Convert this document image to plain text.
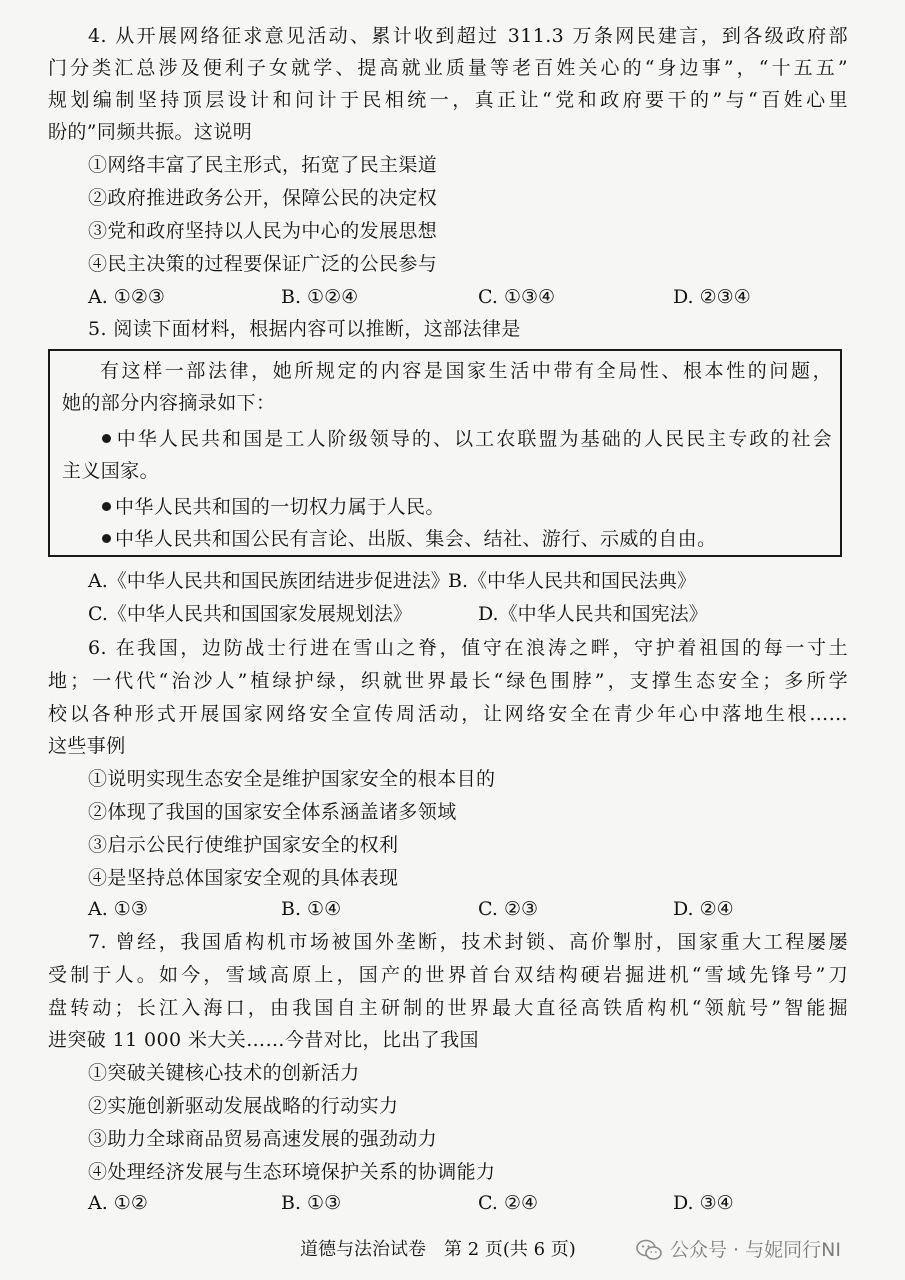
4. 从开展网络征求意见活动、累计收到超过 311.3 万条网民建言，到各级政府部
门分类汇总涉及便利子女就学、提高就业质量等老百姓关心的“身边事”，“十五五”
规划编制坚持顶层设计和问计于民相统一，真正让“党和政府要干的”与“百姓心里
盼的”同频共振。这说明
①网络丰富了民主形式，拓宽了民主渠道
②政府推进政务公开，保障公民的决定权
③党和政府坚持以人民为中心的发展思想
④民主决策的过程要保证广泛的公民参与
A. ①②③	B. ①②④	C. ①③④	D. ②③④
5. 阅读下面材料，根据内容可以推断，这部法律是
有这样一部法律，她所规定的内容是国家生活中带有全局性、根本性的问题，
她的部分内容摘录如下：
中华人民共和国是工人阶级领导的、以工农联盟为基础的人民民主专政的社会
主义国家。
中华人民共和国的一切权力属于人民。
中华人民共和国公民有言论、出版、集会、结社、游行、示威的自由。
A.《中华人民共和国民族团结进步促进法》
B.《中华人民共和国民法典》
C.《中华人民共和国国家发展规划法》	D.《中华人民共和国宪法》
6. 在我国，边防战士行进在雪山之脊，值守在浪涛之畔，守护着祖国的每一寸土
地；一代代“治沙人”植绿护绿，织就世界最长“绿色围脖”，支撑生态安全；多所学
校以各种形式开展国家网络安全宣传周活动，让网络安全在青少年心中落地生根……
这些事例
①说明实现生态安全是维护国家安全的根本目的
②体现了我国的国家安全体系涵盖诸多领域
③启示公民行使维护国家安全的权利
④是坚持总体国家安全观的具体表现
A. ①③	B. ①④	C. ②③	D. ②④
7. 曾经，我国盾构机市场被国外垄断，技术封锁、高价掣肘，国家重大工程屡屡
受制于人。如今，雪域高原上，国产的世界首台双结构硬岩掘进机“雪域先锋号”刀
盘转动；长江入海口，由我国自主研制的世界最大直径高铁盾构机“领航号”智能掘
进突破 11 000 米大关……今昔对比，比出了我国
①突破关键核心技术的创新活力
②实施创新驱动发展战略的行动实力
③助力全球商品贸易高速发展的强劲动力
④处理经济发展与生态环境保护关系的协调能力
A. ①②	B. ①③	C. ②④	D. ③④
道德与法治试卷　第 2 页(共 6 页)	公众号 · 与妮同行NI
